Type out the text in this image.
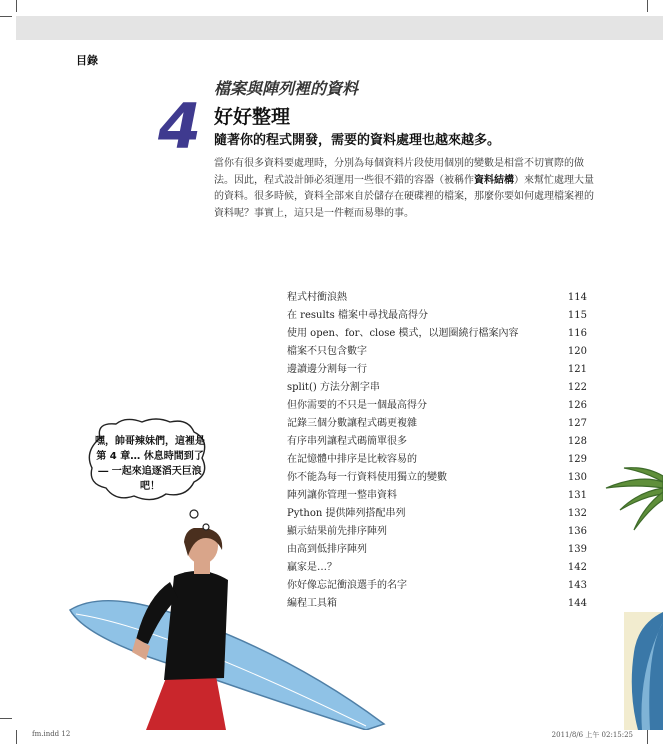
目錄
4
檔案與陣列裡的資料
好好整理
隨著你的程式開發，需要的資料處理也越來越多。
當你有很多資料要處理時，分別為每個資料片段使用個別的變數是相當不切實際的做法。因此，程式設計師必須運用一些很不錯的容器（被稱作資料結構）來幫忙處理大量的資料。很多時候，資料全部來自於儲存在硬碟裡的檔案，那麼你要如何處理檔案裡的資料呢？事實上，這只是一件輕而易舉的事。
程式村衝浪熱	114
在 results 檔案中尋找最高得分	115
使用 open、for、close 模式，以迴圈繞行檔案內容	116
檔案不只包含數字	120
邊讀邊分割每一行	121
split() 方法分割字串	122
但你需要的不只是一個最高得分	126
記錄三個分數讓程式碼更複雜	127
有序串列讓程式碼簡單很多	128
在記憶體中排序是比較容易的	129
你不能為每一行資料使用獨立的變數	130
陣列讓你管理一整串資料	131
Python 提供陣列搭配串列	132
顯示結果前先排序陣列	136
由高到低排序陣列	139
贏家是…？	142
你好像忘記衝浪選手的名字	143
編程工具箱	144
嘿，帥哥辣妹們，這裡是第 4 章… 休息時間到了 ― 一起來追逐滔天巨浪吧！
fm.indd 12	2011/8/6 上午 02:15:25
